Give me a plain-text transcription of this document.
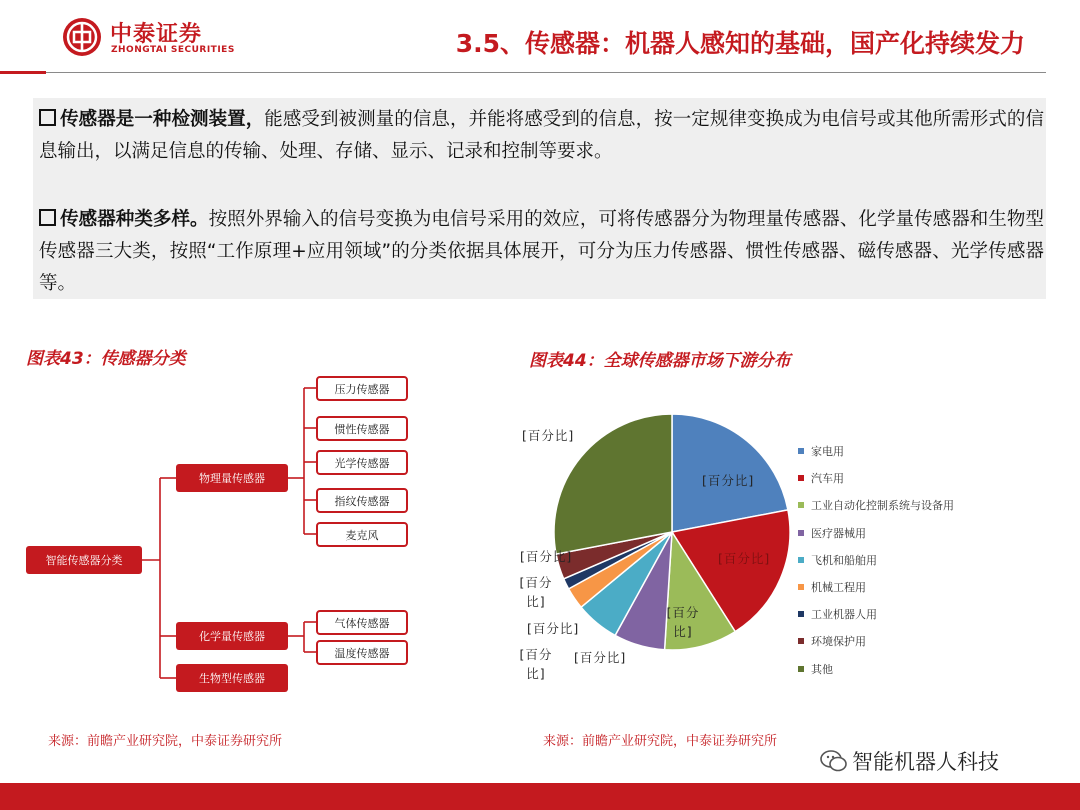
中泰证券
ZHONGTAI SECURITIES	3.5、传感器：机器人感知的基础，国产化持续发力
传感器是一种检测装置，能感受到被测量的信息，并能将感受到的信息，按一定规律变换成为电信号或其他所需形式的信息输出，以满足信息的传输、处理、存储、显示、记录和控制等要求。
传感器种类多样。按照外界输入的信号变换为电信号采用的效应，可将传感器分为物理量传感器、化学量传感器和生物型传感器三大类，按照“工作原理+应用领域”的分类依据具体展开，可分为压力传感器、惯性传感器、磁传感器、光学传感器等。
图表43：传感器分类
智能传感器分类
物理量传感器
化学量传感器
生物型传感器
压力传感器
惯性传感器
光学传感器
指纹传感器
麦克风
气体传感器
温度传感器
来源：前瞻产业研究院，中泰证券研究所
图表44：全球传感器市场下游分布
[百分比]
[百分比]
[百分比]
[百分比]
[百分比]
[百分比]
[百分比]
[百分比]
[百分比]
家电用
汽车用
工业自动化控制系统与设备用
医疗器械用
飞机和船舶用
机械工程用
工业机器人用
环境保护用
其他
来源：前瞻产业研究院，中泰证券研究所
智能机器人科技
